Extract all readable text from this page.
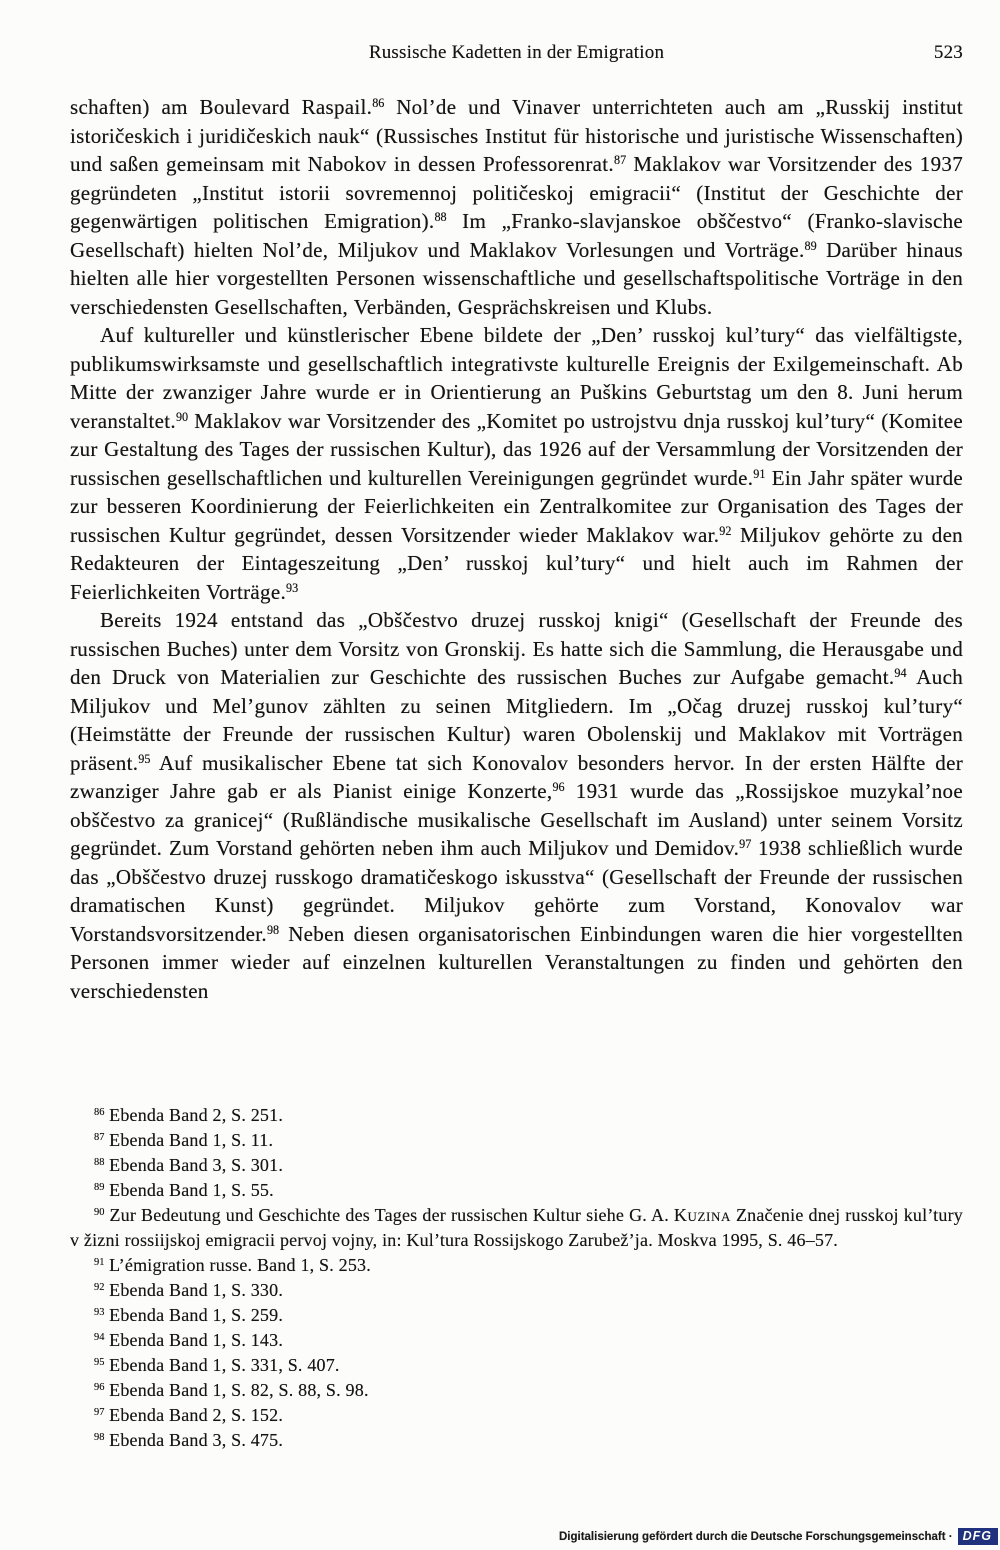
Russische Kadetten in der Emigration	523

schaften) am Boulevard Raspail.$^{86}$ Nol’de und Vinaver unterrichteten auch am „Russkij institut istoričeskich i juridičeskich nauk“ (Russisches Institut für historische und juristische Wissenschaften) und saßen gemeinsam mit Nabokov in dessen Professorenrat.$^{87}$ Maklakov war Vorsitzender des 1937 gegründeten „Institut istorii sovremennoj političeskoj emigracii“ (Institut der Geschichte der gegenwärtigen politischen Emigration).$^{88}$ Im „Franko-slavjanskoe obščestvo“ (Franko-slavische Gesellschaft) hielten Nol’de, Miljukov und Maklakov Vorlesungen und Vorträge.$^{89}$ Darüber hinaus hielten alle hier vorgestellten Personen wissenschaftliche und gesellschaftspolitische Vorträge in den verschiedensten Gesellschaften, Verbänden, Gesprächskreisen und Klubs.

Auf kultureller und künstlerischer Ebene bildete der „Den’ russkoj kul’tury“ das vielfältigste, publikumswirksamste und gesellschaftlich integrativste kulturelle Ereignis der Exilgemeinschaft. Ab Mitte der zwanziger Jahre wurde er in Orientierung an Puškins Geburtstag um den 8. Juni herum veranstaltet.$^{90}$ Maklakov war Vorsitzender des „Komitet po ustrojstvu dnja russkoj kul’tury“ (Komitee zur Gestaltung des Tages der russischen Kultur), das 1926 auf der Versammlung der Vorsitzenden der russischen gesellschaftlichen und kulturellen Vereinigungen gegründet wurde.$^{91}$ Ein Jahr später wurde zur besseren Koordinierung der Feierlichkeiten ein Zentralkomitee zur Organisation des Tages der russischen Kultur gegründet, dessen Vorsitzender wieder Maklakov war.$^{92}$ Miljukov gehörte zu den Redakteuren der Eintageszeitung „Den’ russkoj kul’tury“ und hielt auch im Rahmen der Feierlichkeiten Vorträge.$^{93}$

Bereits 1924 entstand das „Obščestvo druzej russkoj knigi“ (Gesellschaft der Freunde des russischen Buches) unter dem Vorsitz von Gronskij. Es hatte sich die Sammlung, die Herausgabe und den Druck von Materialien zur Geschichte des russischen Buches zur Aufgabe gemacht.$^{94}$ Auch Miljukov und Mel’gunov zählten zu seinen Mitgliedern. Im „Očag druzej russkoj kul’tury“ (Heimstätte der Freunde der russischen Kultur) waren Obolenskij und Maklakov mit Vorträgen präsent.$^{95}$ Auf musikalischer Ebene tat sich Konovalov besonders hervor. In der ersten Hälfte der zwanziger Jahre gab er als Pianist einige Konzerte,$^{96}$ 1931 wurde das „Rossijskoe muzykal’noe obščestvo za granicej“ (Rußländische musikalische Gesellschaft im Ausland) unter seinem Vorsitz gegründet. Zum Vorstand gehörten neben ihm auch Miljukov und Demidov.$^{97}$ 1938 schließlich wurde das „Obščestvo druzej russkogo dramatičeskogo iskusstva“ (Gesellschaft der Freunde der russischen dramatischen Kunst) gegründet. Miljukov gehörte zum Vorstand, Konovalov war Vorstandsvorsitzender.$^{98}$ Neben diesen organisatorischen Einbindungen waren die hier vorgestellten Personen immer wieder auf einzelnen kulturellen Veranstaltungen zu finden und gehörten den verschiedensten

$^{86}$ Ebenda Band 2, S. 251.

$^{87}$ Ebenda Band 1, S. 11.

$^{88}$ Ebenda Band 3, S. 301.

$^{89}$ Ebenda Band 1, S. 55.

$^{90}$ Zur Bedeutung und Geschichte des Tages der russischen Kultur siehe G. A. Kuzina Značenie dnej russkoj kul’tury v žizni rossiijskoj emigracii pervoj vojny, in: Kul’tura Rossijskogo Zarubež’ja. Moskva 1995, S. 46–57.

$^{91}$ L’émigration russe. Band 1, S. 253.

$^{92}$ Ebenda Band 1, S. 330.

$^{93}$ Ebenda Band 1, S. 259.

$^{94}$ Ebenda Band 1, S. 143.

$^{95}$ Ebenda Band 1, S. 331, S. 407.

$^{96}$ Ebenda Band 1, S. 82, S. 88, S. 98.

$^{97}$ Ebenda Band 2, S. 152.

$^{98}$ Ebenda Band 3, S. 475.

Digitalisierung gefördert durch die Deutsche Forschungsgemeinschaft · DFG
